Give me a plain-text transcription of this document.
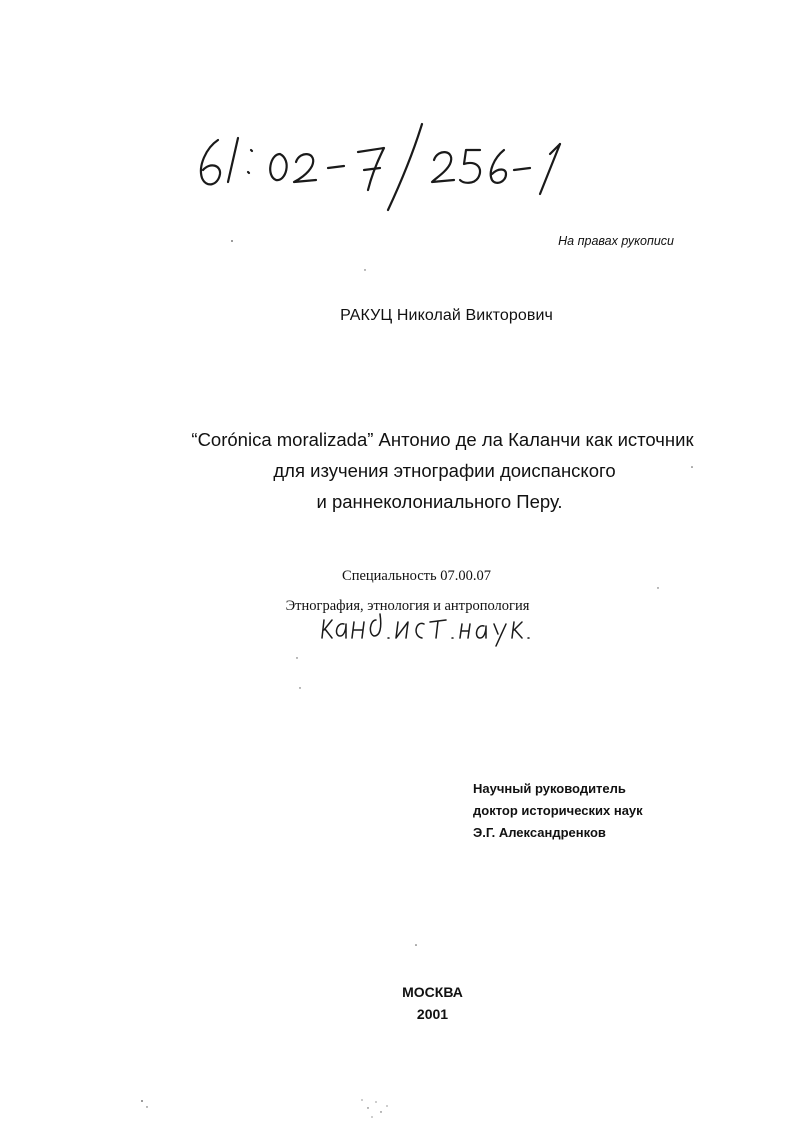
На правах рукописи
РАКУЦ Николай Викторович
“Corónica moralizada” Антонио де ла Каланчи как источник
для изучения этнографии доиспанского
и раннеколониального Перу.
Специальность 07.00.07
Этнография, этнология и антропология
Научный руководитель
доктор исторических наук
Э.Г. Александренков
МОСКВА
2001
